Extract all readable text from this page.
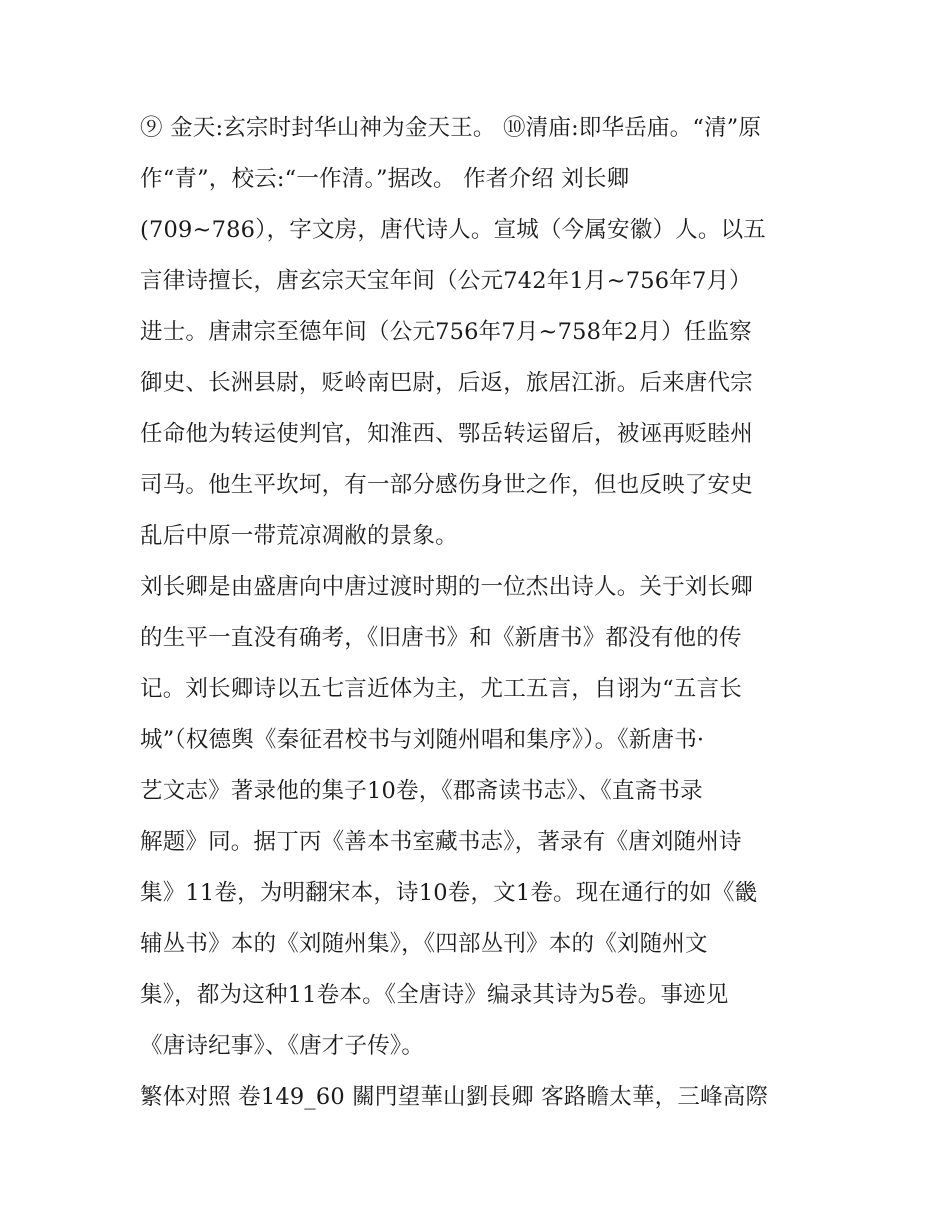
⑨ 金天:玄宗时封华山神为金天王。 ⑩清庙:即华岳庙。“清”原
作“青”，校云:“一作清。”据改。 作者介绍 刘长卿
(709~786），字文房，唐代诗人。宣城（今属安徽）人。以五
言律诗擅长，唐玄宗天宝年间（公元742年1月~756年7月）
进士。唐肃宗至德年间（公元756年7月~758年2月）任监察
御史、长洲县尉，贬岭南巴尉，后返，旅居江浙。后来唐代宗
任命他为转运使判官，知淮西、鄂岳转运留后，被诬再贬睦州
司马。他生平坎坷，有一部分感伤身世之作，但也反映了安史
乱后中原一带荒凉凋敝的景象。
刘长卿是由盛唐向中唐过渡时期的一位杰出诗人。关于刘长卿
的生平一直没有确考，《旧唐书》和《新唐书》都没有他的传
记。刘长卿诗以五七言近体为主，尤工五言，自诩为“五言长
城”（权德舆《秦征君校书与刘随州唱和集序》）。《新唐书·
艺文志》著录他的集子10卷，《郡斋读书志》、《直斋书录
解题》同。据丁丙《善本书室藏书志》，著录有《唐刘随州诗
集》11卷，为明翻宋本，诗10卷，文1卷。现在通行的如《畿
辅丛书》本的《刘随州集》，《四部丛刊》本的《刘随州文
集》，都为这种11卷本。《全唐诗》编录其诗为5卷。事迹见
《唐诗纪事》、《唐才子传》。
繁体对照 卷149_60 關門望華山劉長卿 客路瞻太華，三峰高際
